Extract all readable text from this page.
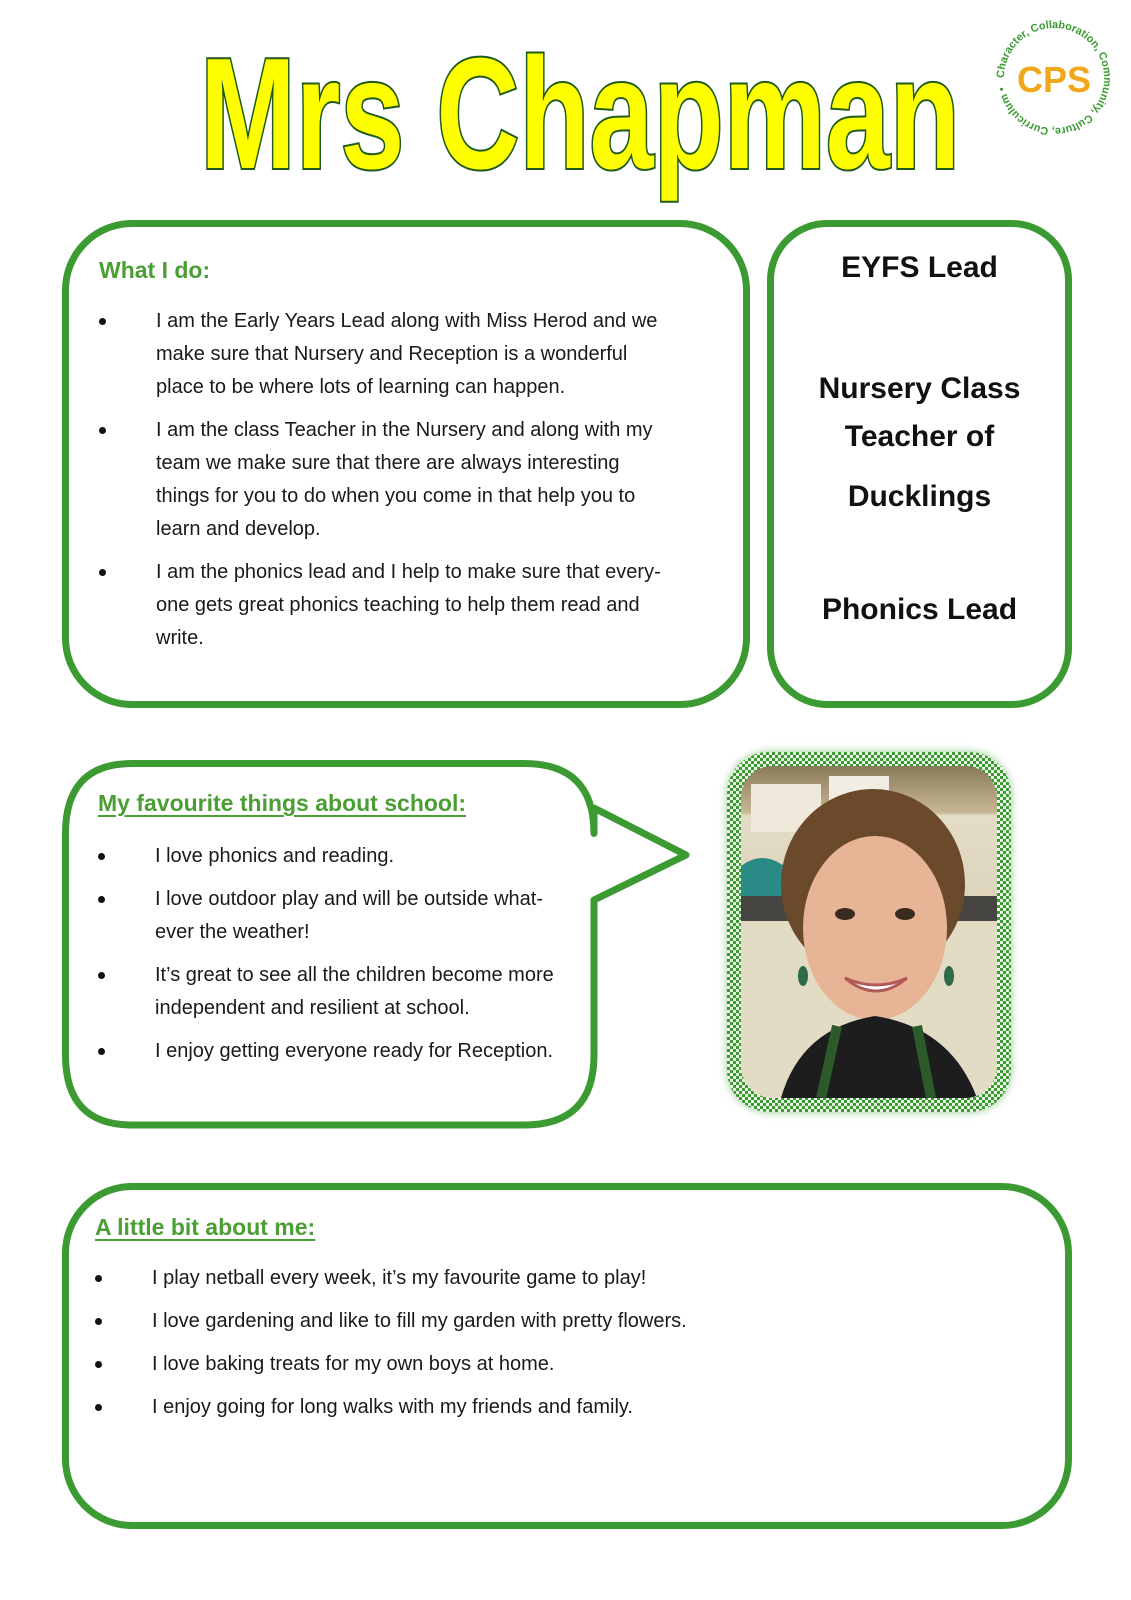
Mrs Chapman	Character, Collaboration, Community, Culture, Curriculum • CPS
What I do:
I am the Early Years Lead along with Miss Herod and we make sure that Nursery and Reception is a wonderful place to be where lots of learning can happen.
I am the class Teacher in the Nursery and along with my team we make sure that there are always interesting things for you to do when you come in that help you to learn and develop.
I am the phonics lead and I help to make sure that every-one gets great phonics teaching to help them read and write.
EYFS Lead
Nursery Class
Teacher of
Ducklings
Phonics Lead
My favourite things about school:
I love phonics and reading.
I love outdoor play and will be outside what-ever the weather!
It’s great to see all the children become more independent and resilient at school.
I enjoy getting everyone ready for Reception.
A little bit about me:
I play netball every week, it’s my favourite game to play!
I love gardening and like to fill my garden with pretty flowers.
I love baking treats for my own boys at home.
I enjoy going for long walks with my friends and family.
